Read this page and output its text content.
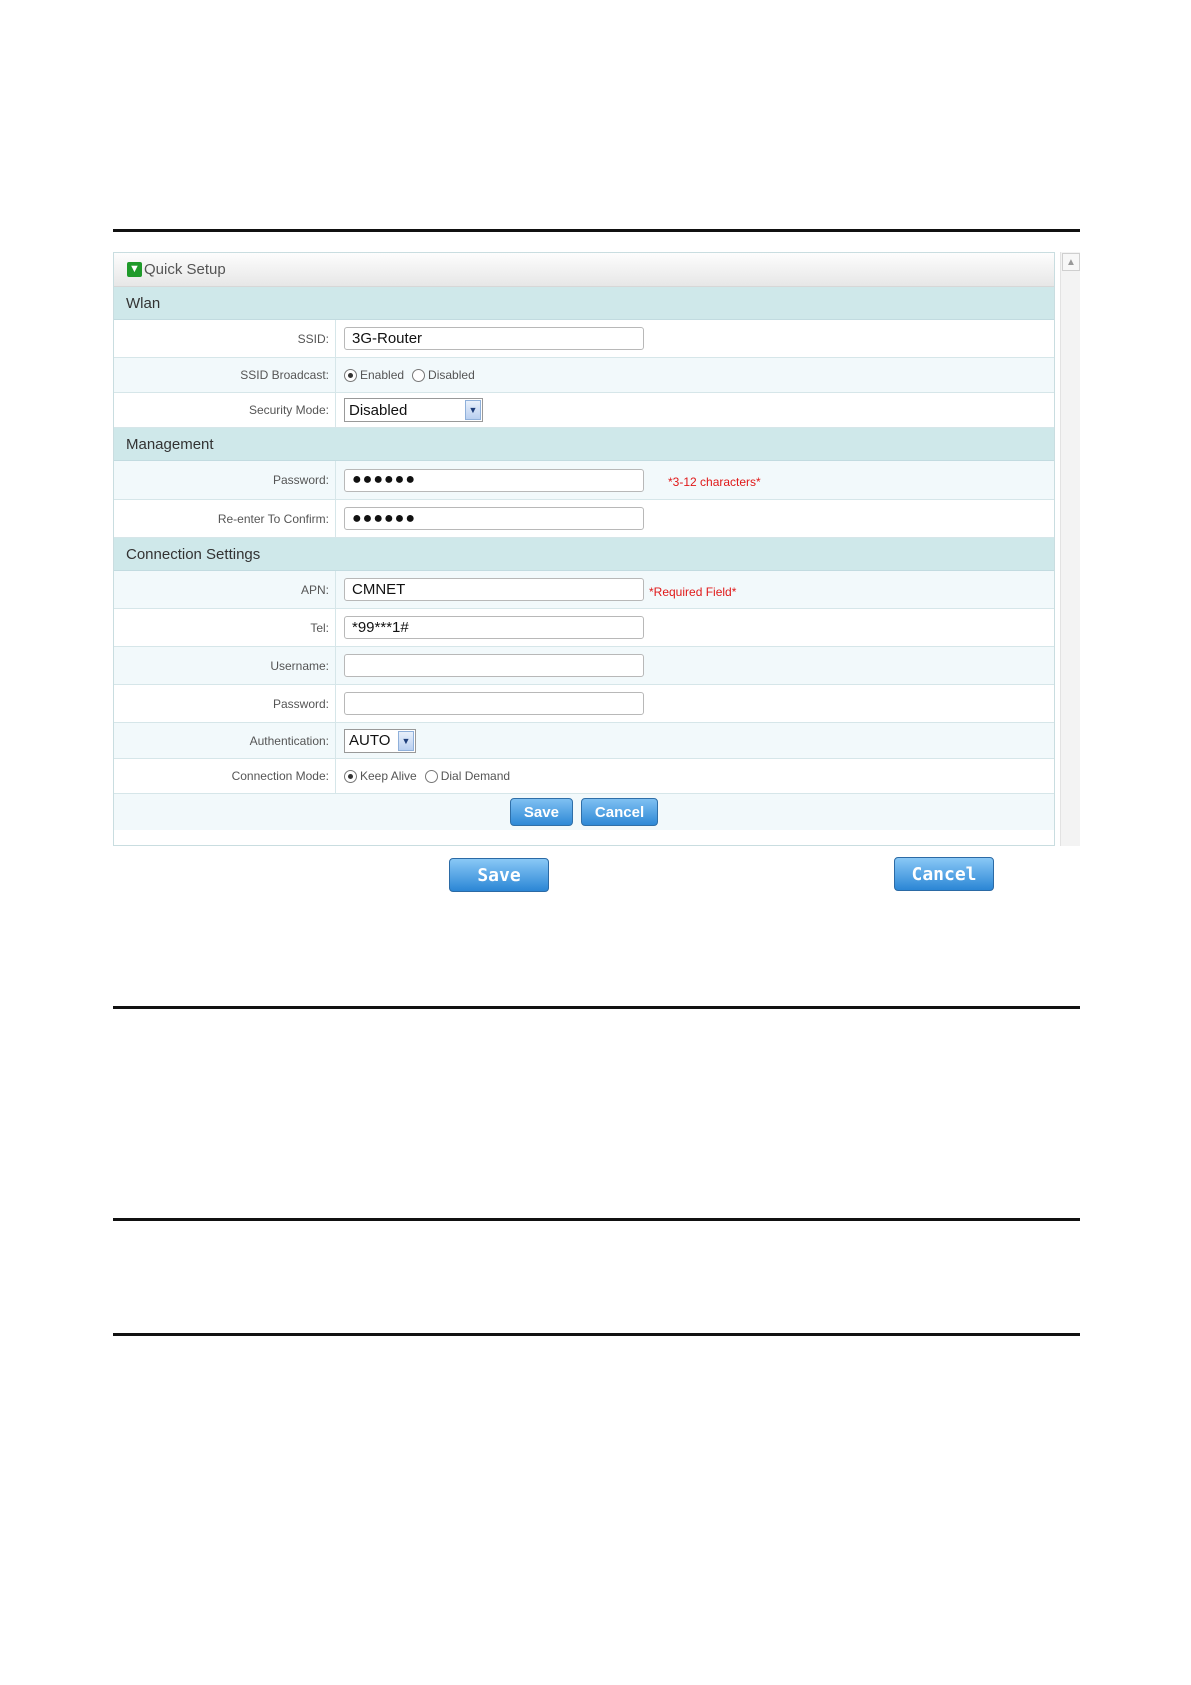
▼ Quick Setup
Wlan
SSID:
3G-Router
SSID Broadcast:	Enabled Disabled
Security Mode:	Disabled	▼
Management
Password:	●●●●●●	*3-12 characters*
Re-enter To Confirm:	●●●●●●
Connection Settings
APN:
CMNET	*Required Field*
Tel:
*99***1#
Username:
Password:
Authentication:	AUTO	▼
Connection Mode:	Keep Alive Dial Demand
Save	Cancel
▲
Save	Cancel
